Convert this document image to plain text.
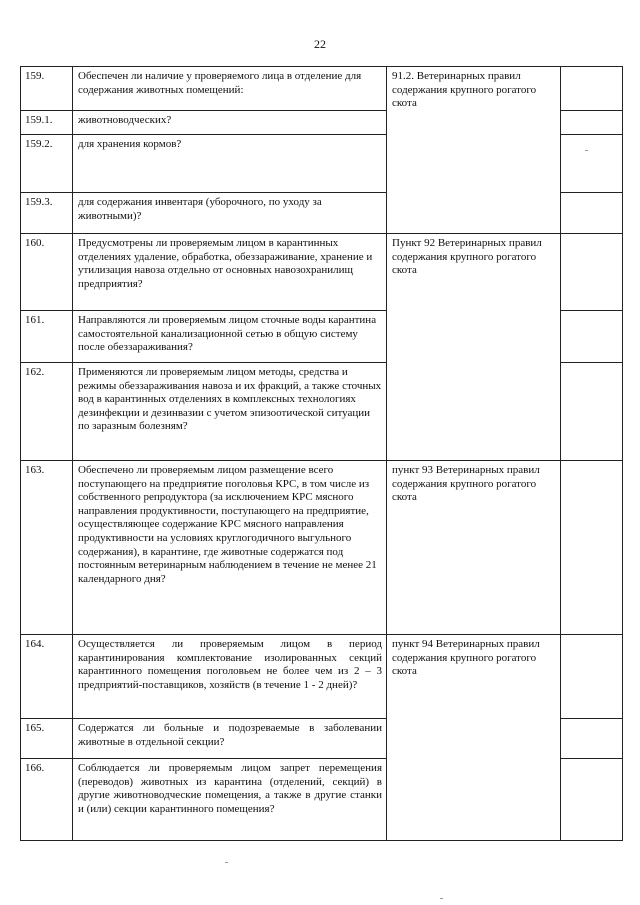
22
159.	Обеспечен ли наличие у проверяемого лица в отделение для содержания животных помещений:	91.2. Ветеринарных правил содержания крупного рогатого скота	
159.1.	животноводческих?		
159.2.	для хранения кормов?		
159.3.	для содержания инвентаря (уборочного, по уходу за животными)?		
160.	Предусмотрены ли проверяемым лицом в карантинных отделениях удаление, обработка, обеззараживание, хранение и утилизация навоза отдельно от основных навозохранилищ предприятия?	Пункт 92 Ветеринарных правил содержания крупного рогатого скота	
161.	Направляются ли проверяемым лицом сточные воды карантина самостоятельной канализационной сетью в общую систему после обеззараживания?		
162.	Применяются ли проверяемым лицом методы, средства и режимы обеззараживания навоза и их фракций, а также сточных вод в карантинных отделениях в комплексных технологиях дезинфекции и дезинвазии с учетом эпизоотической ситуации по заразным болезням?		
163.	Обеспечено ли проверяемым лицом размещение всего поступающего на предприятие поголовья КРС, в том числе из собственного репродуктора (за исключением КРС мясного направления продуктивности, поступающего на предприятие, осуществляющее содержание КРС мясного направления продуктивности на условиях круглогодичного выгульного содержания), в карантине, где животные содержатся под постоянным ветеринарным наблюдением в течение не менее 21 календарного дня?	пункт 93 Ветеринарных правил содержания крупного рогатого скота	
164.	Осуществляется ли проверяемым лицом в период карантинирования комплектование изолированных секций карантинного помещения поголовьем не более чем из 2 – 3 предприятий-поставщиков, хозяйств (в течение 1 - 2 дней)?	пункт 94 Ветеринарных правил содержания крупного рогатого скота	
165.	Содержатся ли больные и подозреваемые в заболевании животные в отдельной секции?		
166.	Соблюдается ли проверяемым лицом запрет перемещения (переводов) животных из карантина (отделений, секций) в другие животноводческие помещения, а также в другие станки и (или) секции карантинного помещения?		
